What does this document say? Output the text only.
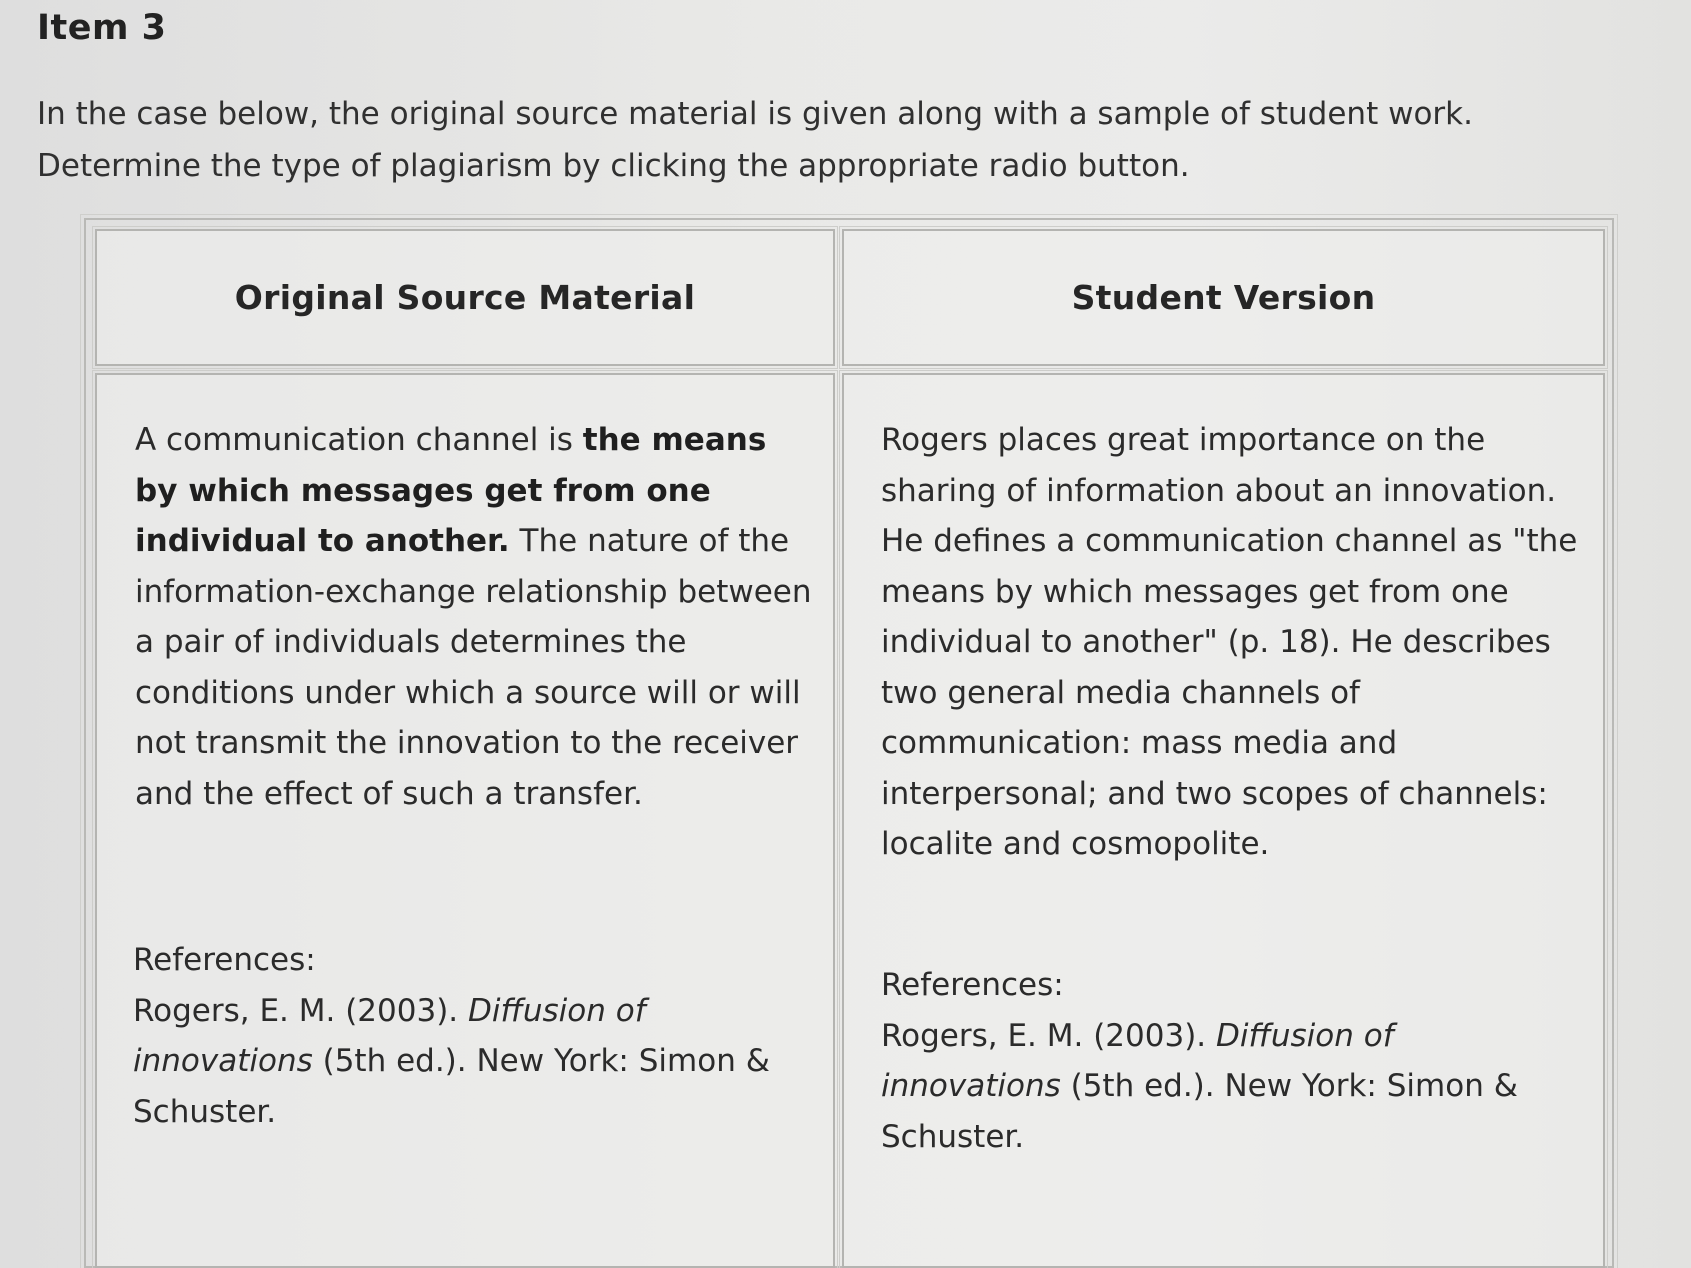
Item 3

In the case below, the original source material is given along with a sample of student work.

Determine the type of plagiarism by clicking the appropriate radio button.

Original Source Material	Student Version
A communication channel is the means by which messages get from one individual to another. The nature of the information-exchange relationship between a pair of individuals determines the conditions under which a source will or will not transmit the innovation to the receiver and the effect of such a transfer.
References:
Rogers, E. M. (2003). Diffusion of innovations (5th ed.). New York: Simon & Schuster.
Rogers places great importance on the sharing of information about an innovation. He defines a communication channel as "the means by which messages get from one individual to another" (p. 18). He describes two general media channels of communication: mass media and interpersonal; and two scopes of channels: localite and cosmopolite.
References:
Rogers, E. M. (2003). Diffusion of innovations (5th ed.). New York: Simon & Schuster.
